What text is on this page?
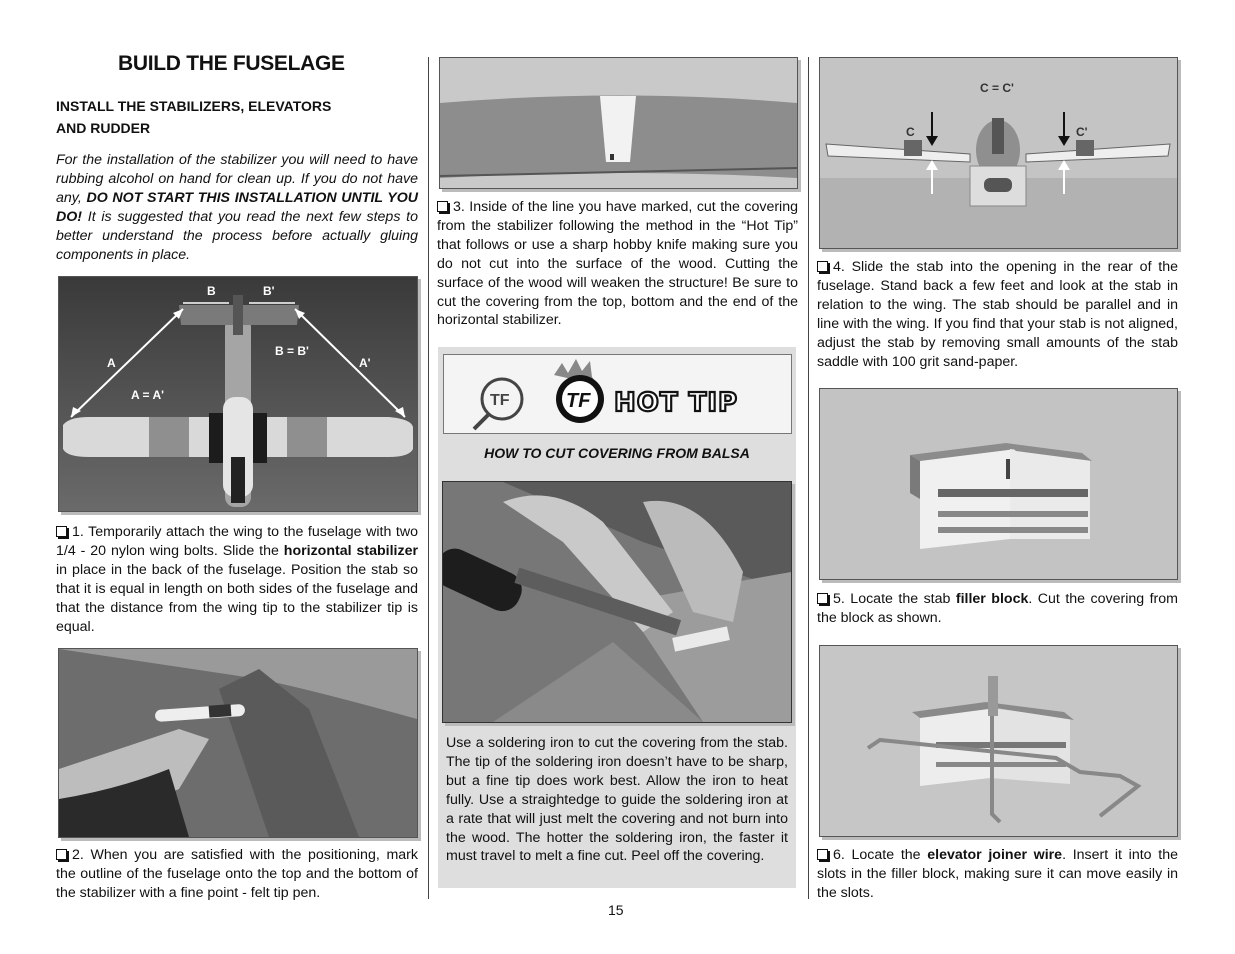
BUILD THE FUSELAGE
INSTALL THE STABILIZERS, ELEVATORS
AND RUDDER

For the installation of the stabilizer you will need to have rubbing alcohol on hand for clean up. If you do not have any, DO NOT START THIS INSTALLATION UNTIL YOU DO! It is suggested that you read the next few steps to better understand the process before actually gluing components in place.

B	B'
B = B'
A	A'
A = A'

1. Temporarily attach the wing to the fuselage with two 1/4 - 20 nylon wing bolts. Slide the horizontal stabilizer in place in the back of the fuselage. Position the stab so that it is equal in length on both sides of the fuselage and that the distance from the wing tip to the stabilizer tip is equal.

2. When you are satisfied with the positioning, mark the outline of the fuselage onto the top and the bottom of the stabilizer with a fine point - felt tip pen.

3. Inside of the line you have marked, cut the covering from the stabilizer following the method in the “Hot Tip” that follows or use a sharp hobby knife making sure you do not cut into the surface of the wood. Cutting the surface of the wood will weaken the structure! Be sure to cut the covering from the top, bottom and the end of the horizontal stabilizer.

TF	TF HOT TIP
HOW TO CUT COVERING FROM BALSA

Use a soldering iron to cut the covering from the stab. The tip of the soldering iron doesn’t have to be sharp, but a fine tip does work best. Allow the iron to heat fully. Use a straightedge to guide the soldering iron at a rate that will just melt the covering and not burn into the wood. The hotter the soldering iron, the faster it must travel to melt a fine cut. Peel off the covering.

15
C = C'
C	C'

4. Slide the stab into the opening in the rear of the fuselage. Stand back a few feet and look at the stab in relation to the wing. The stab should be parallel and in line with the wing. If you find that your stab is not aligned, adjust the stab by removing small amounts of the stab saddle with 100 grit sand-paper.

5. Locate the stab filler block. Cut the covering from the block as shown.

6. Locate the elevator joiner wire. Insert it into the slots in the filler block, making sure it can move easily in the slots.
